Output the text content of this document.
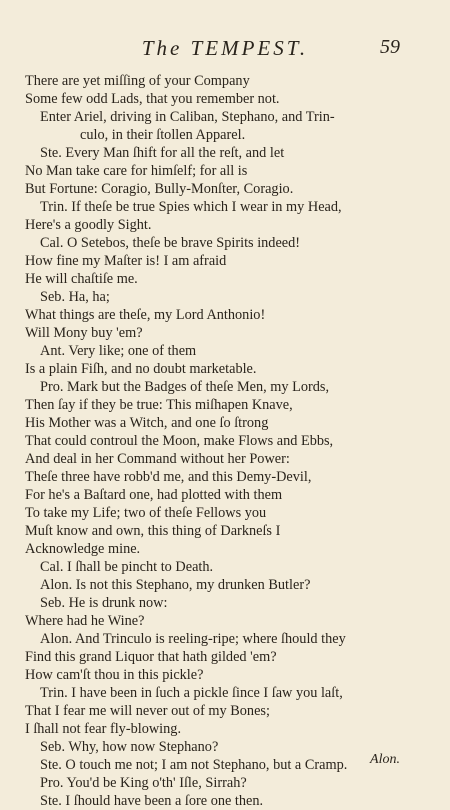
The TEMPEST.	59
There are yet miſſing of your Company
Some few odd Lads, that you remember not.
Enter Ariel, driving in Caliban, Stephano, and Trin-
culo, in their ſtollen Apparel.
Ste. Every Man ſhift for all the reſt, and let
No Man take care for himſelf; for all is
But Fortune: Coragio, Bully-Monſter, Coragio.
Trin. If theſe be true Spies which I wear in my Head,
Here's a goodly Sight.
Cal. O Setebos, theſe be brave Spirits indeed!
How fine my Maſter is! I am afraid
He will chaſtiſe me.
Seb. Ha, ha;
What things are theſe, my Lord Anthonio!
Will Mony buy 'em?
Ant. Very like; one of them
Is a plain Fiſh, and no doubt marketable.
Pro. Mark but the Badges of theſe Men, my Lords,
Then ſay if they be true: This miſhapen Knave,
His Mother was a Witch, and one ſo ſtrong
That could controul the Moon, make Flows and Ebbs,
And deal in her Command without her Power:
Theſe three have robb'd me, and this Demy-Devil,
For he's a Baſtard one, had plotted with them
To take my Life; two of theſe Fellows you
Muſt know and own, this thing of Darkneſs I
Acknowledge mine.
Cal. I ſhall be pincht to Death.
Alon. Is not this Stephano, my drunken Butler?
Seb. He is drunk now:
Where had he Wine?
Alon. And Trinculo is reeling-ripe; where ſhould they
Find this grand Liquor that hath gilded 'em?
How cam'ſt thou in this pickle?
Trin. I have been in ſuch a pickle ſince I ſaw you laſt,
That I fear me will never out of my Bones;
I ſhall not fear fly-blowing.
Seb. Why, how now Stephano?
Ste. O touch me not; I am not Stephano, but a Cramp.
Pro. You'd be King o'th' Iſle, Sirrah?
Ste. I ſhould have been a ſore one then.
Alon.
